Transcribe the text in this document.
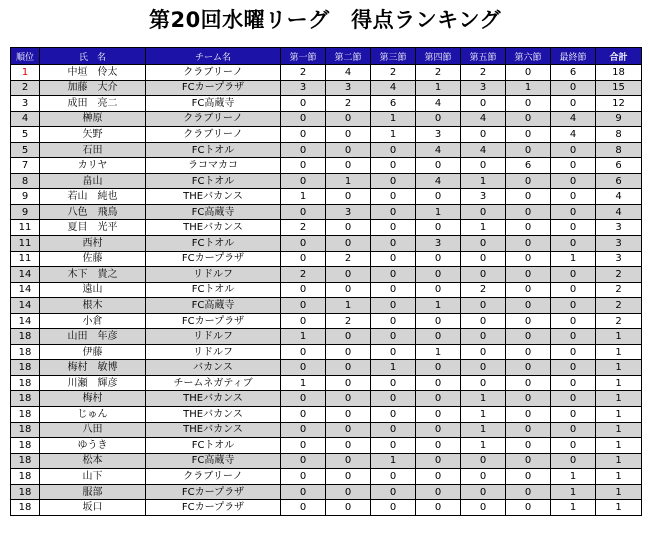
第20回水曜リーグ　得点ランキング
順位	氏　名	チーム名	第一節	第二節	第三節	第四節	第五節	第六節	最終節	合計
1	中垣　伶太	クラブリーノ	2	4	2	2	2	0	6	18
2	加藤　大介	FCカープラザ	3	3	4	1	3	1	0	15
3	成田　亮二	FC高蔵寺	0	2	6	4	0	0	0	12
4	榊原	クラブリーノ	0	0	1	0	4	0	4	9
5	矢野	クラブリーノ	0	0	1	3	0	0	4	8
5	石田	FCトオル	0	0	0	4	4	0	0	8
7	カリヤ	ラコマカコ	0	0	0	0	0	6	0	6
8	畠山	FCトオル	0	1	0	4	1	0	0	6
9	若山　純也	THEバカンス	1	0	0	0	3	0	0	4
9	八色　飛鳥	FC高蔵寺	0	3	0	1	0	0	0	4
11	夏目　光平	THEバカンス	2	0	0	0	1	0	0	3
11	西村	FCトオル	0	0	0	3	0	0	0	3
11	佐藤	FCカープラザ	0	2	0	0	0	0	1	3
14	木下　貴之	リドルフ	2	0	0	0	0	0	0	2
14	遠山	FCトオル	0	0	0	0	2	0	0	2
14	根木	FC高蔵寺	0	1	0	1	0	0	0	2
14	小倉	FCカープラザ	0	2	0	0	0	0	0	2
18	山田　年彦	リドルフ	1	0	0	0	0	0	0	1
18	伊藤	リドルフ	0	0	0	1	0	0	0	1
18	梅村　敏博	バカンス	0	0	1	0	0	0	0	1
18	川瀬　輝彦	チームネガティブ	1	0	0	0	0	0	0	1
18	梅村	THEバカンス	0	0	0	0	1	0	0	1
18	じゅん	THEバカンス	0	0	0	0	1	0	0	1
18	八田	THEバカンス	0	0	0	0	1	0	0	1
18	ゆうき	FCトオル	0	0	0	0	1	0	0	1
18	松本	FC高蔵寺	0	0	1	0	0	0	0	1
18	山下	クラブリーノ	0	0	0	0	0	0	1	1
18	服部	FCカープラザ	0	0	0	0	0	0	1	1
18	坂口	FCカープラザ	0	0	0	0	0	0	1	1
